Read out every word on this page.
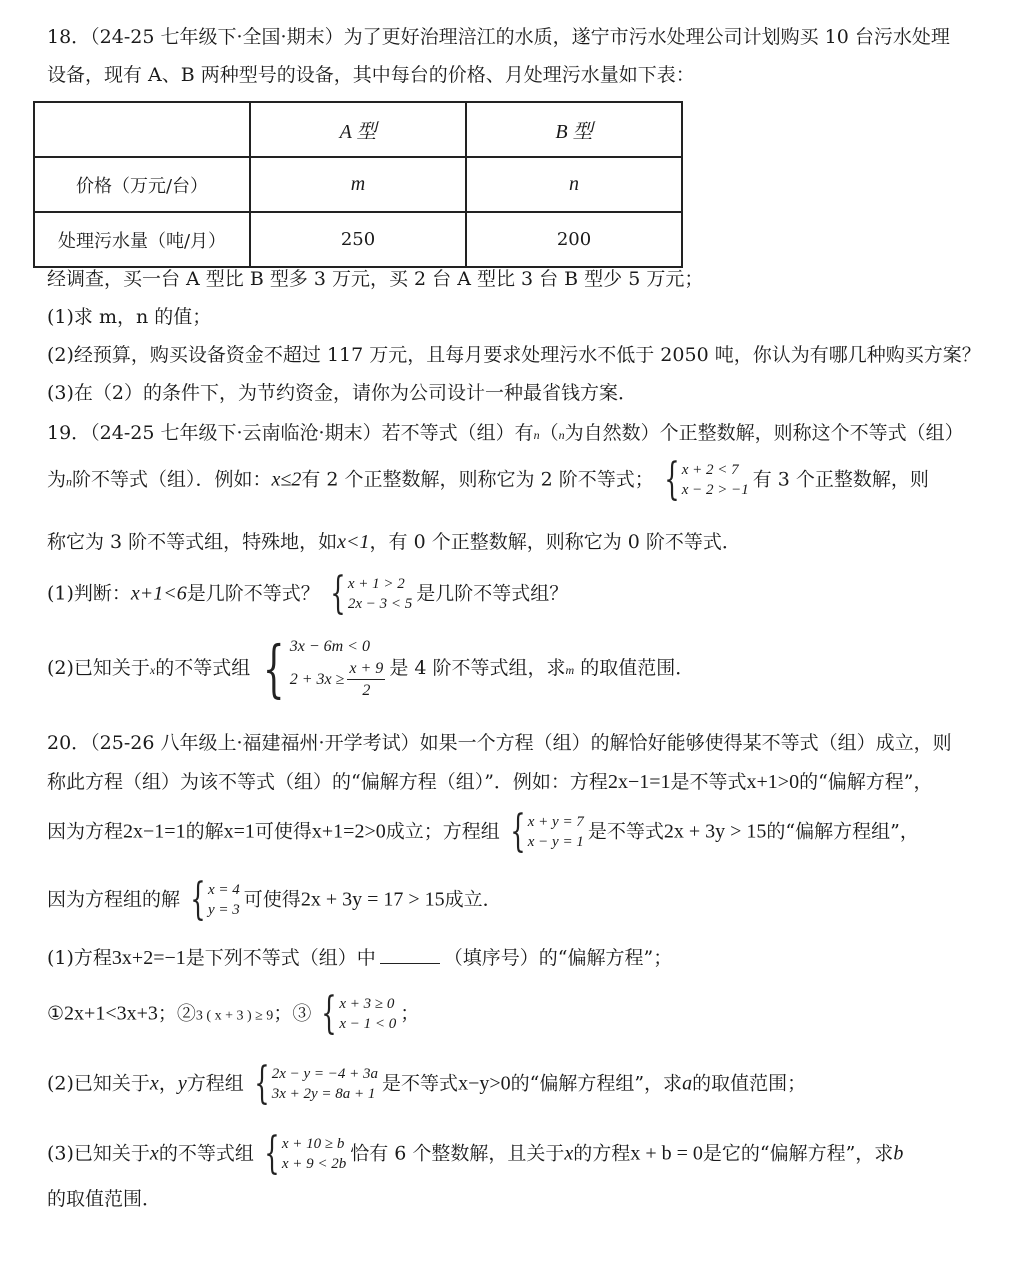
18．（24-25 七年级下·全国·期末）为了更好治理涪江的水质，遂宁市污水处理公司计划购买 10 台污水处理
设备，现有 A、B 两种型号的设备，其中每台的价格、月处理污水量如下表：
	A 型	B 型
价格（万元/台）	m	n
处理污水量（吨/月）	250	200
经调查，买一台 A 型比 B 型多 3 万元，买 2 台 A 型比 3 台 B 型少 5 万元；
(1)求 m，n 的值；
(2)经预算，购买设备资金不超过 117 万元，且每月要求处理污水不低于 2050 吨，你认为有哪几种购买方案？
(3)在（2）的条件下，为节约资金，请你为公司设计一种最省钱方案．
19．（24-25 七年级下·云南临沧·期末）若不等式（组）有n（n为自然数）个正整数解，则称这个不等式（组）
为n阶不等式（组）．例如：x≤2有 2 个正整数解，则称它为 2 阶不等式； { x + 2 < 7
x − 2 > −1 有 3 个正整数解，则
称它为 3 阶不等式组，特殊地，如x<1，有 0 个正整数解，则称它为 0 阶不等式．
(1)判断：x+1<6是几阶不等式？ { x + 1 > 2
2x − 3 < 5 是几阶不等式组？
(2)已知关于x的不等式组 { 3x − 6m < 0
$2 + 3x \ge \frac{x + 9}{2}$ 是 4 阶不等式组，求m 的取值范围．
20．（25-26 八年级上·福建福州·开学考试）如果一个方程（组）的解恰好能够使得某不等式（组）成立，则
称此方程（组）为该不等式（组）的“偏解方程（组）”．例如：方程2x−1=1是不等式x+1>0的“偏解方程”，
因为方程2x−1=1的解x=1可使得x+1=2>0成立；方程组 { x + y = 7
x − y = 1 是不等式2x + 3y > 15的“偏解方程组”，
因为方程组的解 { x = 4
y = 3 可使得2x + 3y = 17 > 15成立．
(1)方程3x+2=−1是下列不等式（组）中	（填序号）的“偏解方程”；
①2x+1<3x+3；②3 ( x + 3 ) ≥ 9；③ { x + 3 ≥ 0
x − 1 < 0 ；
(2)已知关于x，y方程组 { 2x − y = −4 + 3a
3x + 2y = 8a + 1 是不等式x−y>0的“偏解方程组”，求a的取值范围；
(3)已知关于x的不等式组 { x + 10 ≥ b
x + 9 < 2b 恰有 6 个整数解，且关于x的方程x + b = 0是它的“偏解方程”，求b
的取值范围．
